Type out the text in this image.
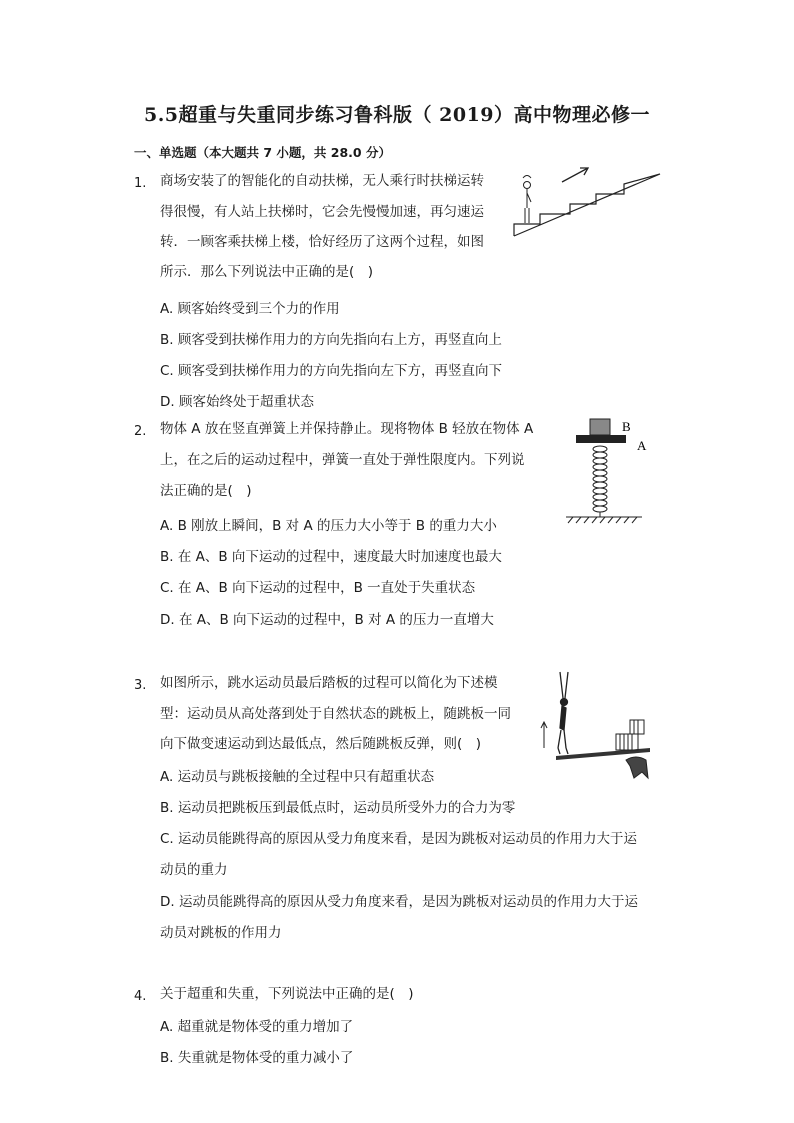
5.5超重与失重同步练习鲁科版（ 2019）高中物理必修一
一、单选题（本大题共 7 小题，共 28.0 分）
1. 商场安装了的智能化的自动扶梯，无人乘行时扶梯运转
得很慢，有人站上扶梯时，它会先慢慢加速，再匀速运
转．一顾客乘扶梯上楼，恰好经历了这两个过程，如图
所示．那么下列说法中正确的是(　)
A. 顾客始终受到三个力的作用
B. 顾客受到扶梯作用力的方向先指向右上方，再竖直向上
C. 顾客受到扶梯作用力的方向先指向左下方，再竖直向下
D. 顾客始终处于超重状态
2. 物体 A 放在竖直弹簧上并保持静止。现将物体 B 轻放在物体 A
上，在之后的运动过程中，弹簧一直处于弹性限度内。下列说
法正确的是(　)
A. B 刚放上瞬间，B 对 A 的压力大小等于 B 的重力大小
B. 在 A、B 向下运动的过程中，速度最大时加速度也最大
C. 在 A、B 向下运动的过程中，B 一直处于失重状态
D. 在 A、B 向下运动的过程中，B 对 A 的压力一直增大
B
A
3. 如图所示，跳水运动员最后踏板的过程可以简化为下述模
型：运动员从高处落到处于自然状态的跳板上，随跳板一同
向下做变速运动到达最低点，然后随跳板反弹，则(　)
A. 运动员与跳板接触的全过程中只有超重状态
B. 运动员把跳板压到最低点时，运动员所受外力的合力为零
C. 运动员能跳得高的原因从受力角度来看，是因为跳板对运动员的作用力大于运
动员的重力
D. 运动员能跳得高的原因从受力角度来看，是因为跳板对运动员的作用力大于运
动员对跳板的作用力
4. 关于超重和失重，下列说法中正确的是(　)
A. 超重就是物体受的重力增加了
B. 失重就是物体受的重力减小了
